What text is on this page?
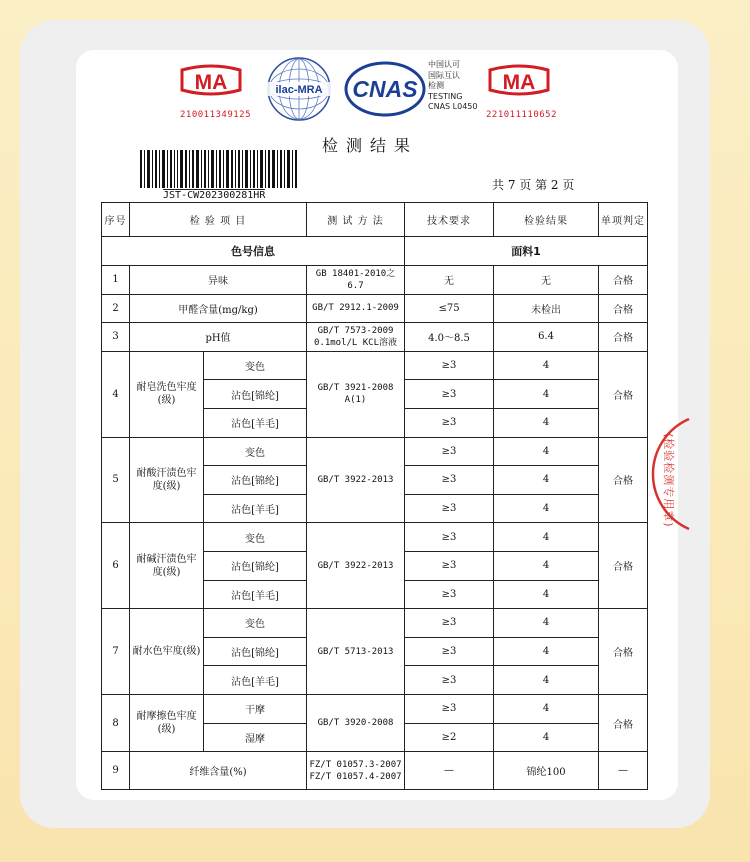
MA
210011349125
ilac-MRA CNAS
中国认可
国际互认
检测
TESTING
CNAS L0450
MA
221011110652
检测结果
JST-CW202300281HR
共 7 页 第 2 页
序号	检 验 项 目		测 试 方 法	技术要求	检验结果	单项判定
色号信息				面料1		
1	异味		GB 18401-2010之6.7	无	无	合格
2	甲醛含量(mg/kg)		GB/T 2912.1-2009	≤75	未检出	合格
3	pH值		GB/T 7573-2009
0.1mol/L KCL溶液	4.0～8.5	6.4	合格
4	耐皂洗色牢度(级)	变色	GB/T 3921-2008
A(1)	≥3	4	合格
		沾色[锦纶]		≥3	4	
		沾色[羊毛]		≥3	4	
5	耐酸汗渍色牢度(级)	变色	GB/T 3922-2013	≥3	4	合格
		沾色[锦纶]		≥3	4	
		沾色[羊毛]		≥3	4	
6	耐碱汗渍色牢度(级)	变色	GB/T 3922-2013	≥3	4	合格
		沾色[锦纶]		≥3	4	
		沾色[羊毛]		≥3	4	
7	耐水色牢度(级)	变色	GB/T 5713-2013	≥3	4	合格
		沾色[锦纶]		≥3	4	
		沾色[羊毛]		≥3	4	
8	耐摩擦色牢度(级)	干摩	GB/T 3920-2008	≥3	4	合格
		湿摩		≥2	4	
9	纤维含量(%)		FZ/T 01057.3-2007
FZ/T 01057.4-2007	—	锦纶100	—
(检验检测专用章)
